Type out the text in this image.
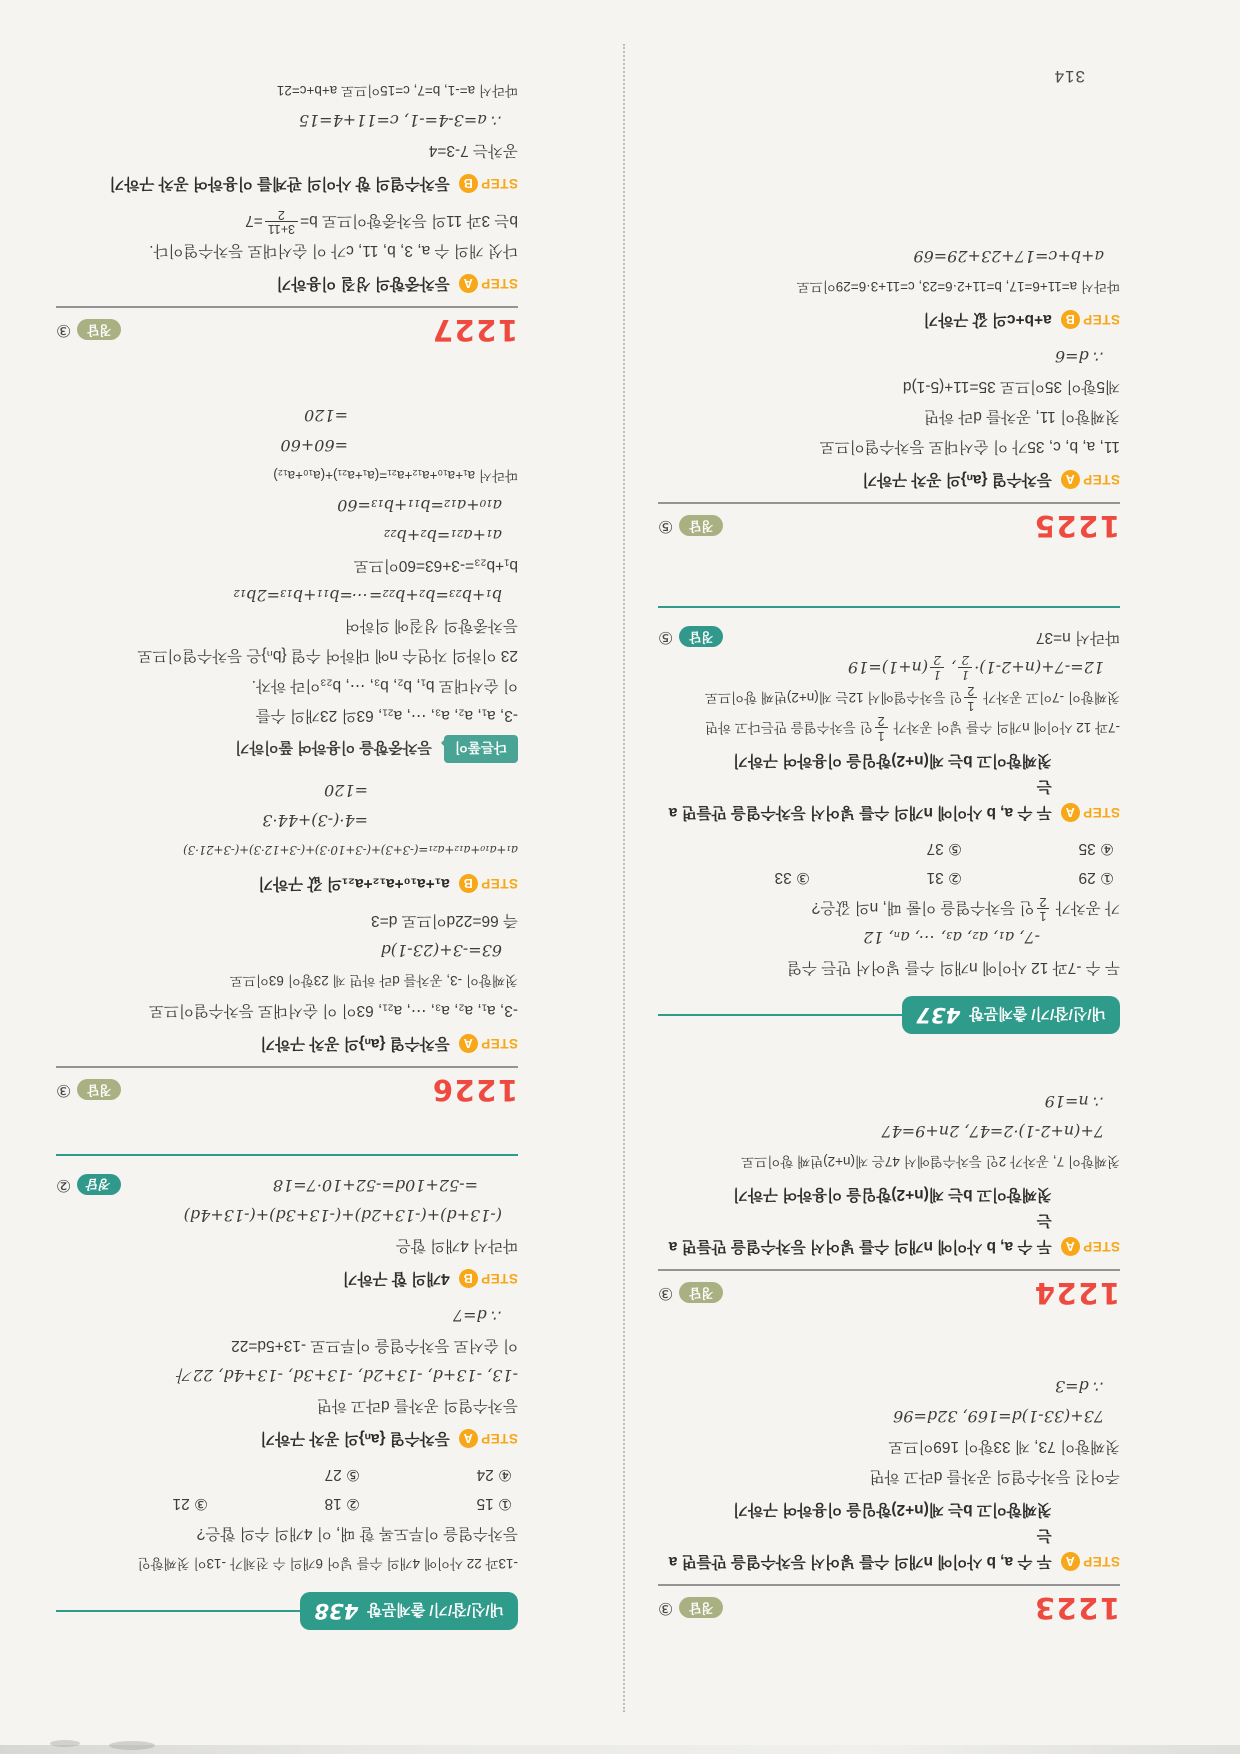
1223
정답
③
STEP
A
두 수 a, b 사이에 n개의 수를 넣어서 등차수열을 만들면 a는
첫째항이고 b는 제(n+2)항임을 이용하여 구하기
주어진 등차수열의 공차를 d라고 하면
첫째항이 73, 제 33항이 169이므로
73+(33-1)d=169, 32d=96
∴ d=3
1224
정답
③
STEP
A
두 수 a, b 사이에 n개의 수를 넣어서 등차수열을 만들면 a는
첫째항이고 b는 제(n+2)항임을 이용하여 구하기
첫째항이 7, 공차가 2인 등차수열에서 47은 제(n+2)번째 항이므로
7+(n+2-1)·2=47, 2n+9=47
∴ n=19
내/신/잡/기/ 출제문항
437
두 수 -7과 12 사이에 n개의 수를 넣어서 만든 수열
-7, a₁, a₂, a₃, ⋯, aₙ, 12
가 공차가
1
2
인 등차수열을 이룰 때, n의 값은?
① 29
② 31
③ 33
④ 35
⑤ 37
STEP
A
두 수 a, b 사이에 n개의 수를 넣어서 등차수열을 만들면 a는
첫째항이고 b는 제(n+2)항임을 이용하여 구하기
-7과 12 사이에 n개의 수를 넣어 공차가
1
2
인 등차수열을 만든다고 하면
첫째항이 -7이고 공차가
1
2
인 등차수열에서 12는 제(n+2)번째 항이므로
12=-7+(n+2-1)·
1
2
,
1
2
(n+1)=19
따라서 n=37
정답
⑤
1225
정답
⑤
STEP
A
등차수열 {aₙ}의 공차 구하기
11, a, b, c, 35가 이 순서대로 등차수열이므로
첫째항이 11, 공차를 d라 하면
제5항이 35이므로 35=11+(5-1)d
∴ d=6
STEP
B
a+b+c의 값 구하기
따라서 a=11+6=17, b=11+2·6=23, c=11+3·6=29이므로
a+b+c=17+23+29=69
내/신/잡/기/ 출제문항
438
-13과 22 사이에 4개의 수를 넣어 6개의 수 전체가 -13이 첫째항인
등차수열을 이루도록 할 때, 이 4개의 수의 합은?
① 15
② 18
③ 21
④ 24
⑤ 27
STEP
A
등차수열 {aₙ}의 공차 구하기
등차수열의 공차를 d라고 하면
-13, -13+d, -13+2d, -13+3d, -13+4d, 22가
이 순서로 등차수열을 이루므로 -13+5d=22
∴ d=7
STEP
B
4개의 합 구하기
따라서 4개의 합은
(-13+d)+(-13+2d)+(-13+3d)+(-13+4d)
=-52+10d=-52+10·7=18
정답
②
1226
정답
③
STEP
A
등차수열 {aₙ}의 공차 구하기
-3, a₁, a₂, a₃, ⋯, a₂₁, 63이 이 순서대로 등차수열이므로
첫째항이 -3, 공차를 d라 하면 제 23항이 63이므로
63=-3+(23-1)d
즉 66=22d이므로 d=3
STEP
B
a₁+a₁₀+a₁₂+a₂₁의 값 구하기
a₁+a₁₀+a₁₂+a₂₁=(-3+3)+(-3+10·3)+(-3+12·3)+(-3+21·3)
=4·(-3)+44·3
=120
다른풀이
등차중항을 이용하여 풀이하기
-3, a₁, a₂, a₃, ⋯, a₂₁, 63의 23개의 수를
이 순서대로 b₁, b₂, b₃, ⋯, b₂₃이라 하자.
23 이하의 자연수 n에 대하여 수열 {bₙ}은 등차수열이므로
등차중항의 성질에 의하여
b₁+b₂₃=b₂+b₂₂=⋯=b₁₁+b₁₃=2b₁₂
b₁+b₂₃=-3+63=60이므로
a₁+a₂₁=b₂+b₂₂
a₁₀+a₁₂=b₁₁+b₁₃=60
따라서 a₁+a₁₀+a₁₂+a₂₁=(a₁+a₂₁)+(a₁₀+a₁₂)
=60+60
=120
1227
정답
③
STEP
A
등차중항의 성질 이용하기
다섯 개의 수 a, 3, b, 11, c가 이 순서대로 등차수열이다.
b는 3과 11의 등차중항이므로 b=
3+11
2
=7
STEP
B
등차수열의 항 사이의 관계를 이용하여 공차 구하기
공차는 7-3=4
∴ a=3-4=-1, c=11+4=15
따라서 a=-1, b=7, c=15이므로 a+b+c=21
314
